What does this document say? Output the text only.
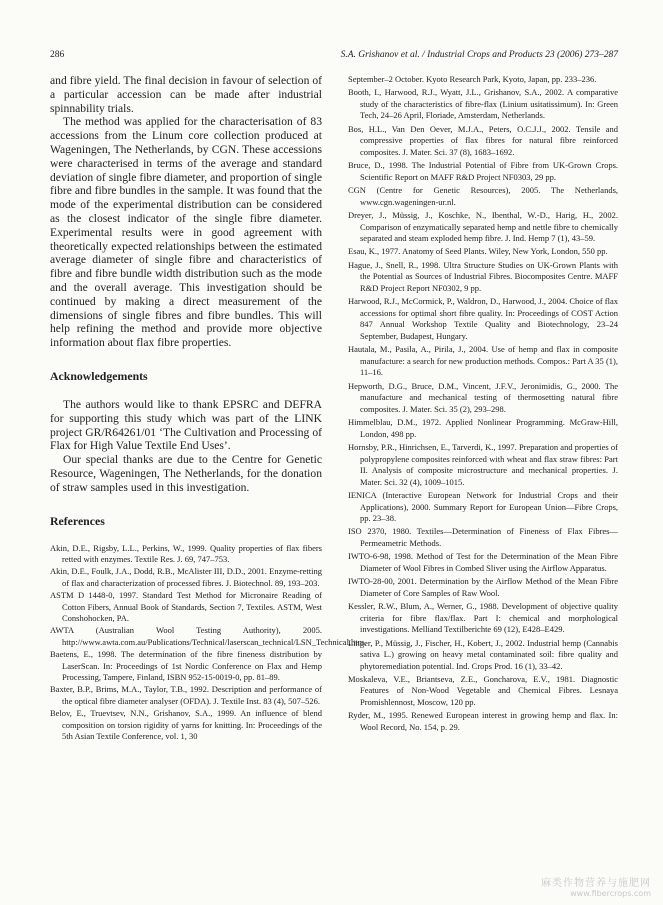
286	S.A. Grishanov et al. / Industrial Crops and Products 23 (2006) 273–287

and fibre yield. The final decision in favour of selection of a particular accession can be made after industrial spinnability trials.

The method was applied for the characterisation of 83 accessions from the Linum core collection produced at Wageningen, The Netherlands, by CGN. These accessions were characterised in terms of the average and standard deviation of single fibre diameter, and proportion of single fibre and fibre bundles in the sample. It was found that the mode of the experimental distribution can be considered as the closest indicator of the single fibre diameter. Experimental results were in good agreement with theoretically expected relationships between the estimated average diameter of single fibre and characteristics of fibre and fibre bundle width distribution such as the mode and the overall average. This investigation should be continued by making a direct measurement of the dimensions of single fibres and fibre bundles. This will help refining the method and provide more objective information about flax fibre properties.

Acknowledgements

The authors would like to thank EPSRC and DEFRA for supporting this study which was part of the LINK project GR/R64261/01 ‘The Cultivation and Processing of Flax for High Value Textile End Uses’.

Our special thanks are due to the Centre for Genetic Resource, Wageningen, The Netherlands, for the donation of straw samples used in this investigation.

References
Akin, D.E., Rigsby, L.L., Perkins, W., 1999. Quality properties of flax fibers retted with enzymes. Textile Res. J. 69, 747–753.
Akin, D.E., Foulk, J.A., Dodd, R.B., McAlister III, D.D., 2001. Enzyme-retting of flax and characterization of processed fibres. J. Biotechnol. 89, 193–203.
ASTM D 1448-0, 1997. Standard Test Method for Micronaire Reading of Cotton Fibers, Annual Book of Standards, Section 7, Textiles. ASTM, West Conshohocken, PA.
AWTA (Australian Wool Testing Authority), 2005. http://www.awta.com.au/Publications/Technical/laserscan_technical/LSN_Technical.htm.
Baetens, E., 1998. The determination of the fibre fineness distribution by LaserScan. In: Proceedings of 1st Nordic Conference on Flax and Hemp Processing, Tampere, Finland, ISBN 952-15-0019-0, pp. 81–89.
Baxter, B.P., Brims, M.A., Taylor, T.B., 1992. Description and performance of the optical fibre diameter analyser (OFDA). J. Textile Inst. 83 (4), 507–526.
Belov, E., Truevtsev, N.N., Grishanov, S.A., 1999. An influence of blend composition on torsion rigidity of yarns for knitting. In: Proceedings of the 5th Asian Textile Conference, vol. 1, 30
September–2 October. Kyoto Research Park, Kyoto, Japan, pp. 233–236.
Booth, I., Harwood, R.J., Wyatt, J.L., Grishanov, S.A., 2002. A comparative study of the characteristics of fibre-flax (Linium usitatissimum). In: Green Tech, 24–26 April, Floriade, Amsterdam, Netherlands.
Bos, H.L., Van Den Oever, M.J.A., Peters, O.C.J.J., 2002. Tensile and compressive properties of flax fibres for natural fibre reinforced composites. J. Mater. Sci. 37 (8), 1683–1692.
Bruce, D., 1998. The Industrial Potential of Fibre from UK-Grown Crops. Scientific Report on MAFF R&D Project NF0303, 29 pp.
CGN (Centre for Genetic Resources), 2005. The Netherlands, www.cgn.wageningen-ur.nl.
Dreyer, J., Müssig, J., Koschke, N., Ibenthal, W.-D., Harig, H., 2002. Comparison of enzymatically separated hemp and nettle fibre to chemically separated and steam exploded hemp fibre. J. Ind. Hemp 7 (1), 43–59.
Esau, K., 1977. Anatomy of Seed Plants. Wiley, New York, London, 550 pp.
Hague, J., Snell, R., 1998. Ultra Structure Studies on UK-Grown Plants with the Potential as Sources of Industrial Fibres. Biocomposites Centre. MAFF R&D Project Report NF0302, 9 pp.
Harwood, R.J., McCormick, P., Waldron, D., Harwood, J., 2004. Choice of flax accessions for optimal short fibre quality. In: Proceedings of COST Action 847 Annual Workshop Textile Quality and Biotechnology, 23–24 September, Budapest, Hungary.
Hautala, M., Pasila, A., Pirila, J., 2004. Use of hemp and flax in composite manufacture: a search for new production methods. Compos.: Part A 35 (1), 11–16.
Hepworth, D.G., Bruce, D.M., Vincent, J.F.V., Jeronimidis, G., 2000. The manufacture and mechanical testing of thermosetting natural fibre composites. J. Mater. Sci. 35 (2), 293–298.
Himmelblau, D.M., 1972. Applied Nonlinear Programming. McGraw-Hill, London, 498 pp.
Hornsby, P.R., Hinrichsen, E., Tarverdi, K., 1997. Preparation and properties of polypropylene composites reinforced with wheat and flax straw fibres: Part II. Analysis of composite microstructure and mechanical properties. J. Mater. Sci. 32 (4), 1009–1015.
IENICA (Interactive European Network for Industrial Crops and their Applications), 2000. Summary Report for European Union—Fibre Crops, pp. 23–38.
ISO 2370, 1980. Textiles—Determination of Fineness of Flax Fibres—Permeametric Methods.
IWTO-6-98, 1998. Method of Test for the Determination of the Mean Fibre Diameter of Wool Fibres in Combed Sliver using the Airflow Apparatus.
IWTO-28-00, 2001. Determination by the Airflow Method of the Mean Fibre Diameter of Core Samples of Raw Wool.
Kessler, R.W., Blum, A., Werner, G., 1988. Development of objective quality criteria for fibre flax/flax. Part I: chemical and morphological investigations. Melliand Textilberichte 69 (12), E428–E429.
Linger, P., Müssig, J., Fischer, H., Kobert, J., 2002. Industrial hemp (Cannabis sativa L.) growing on heavy metal contaminated soil: fibre quality and phytoremediation potential. Ind. Crops Prod. 16 (1), 33–42.
Moskaleva, V.E., Briantseva, Z.E., Goncharova, E.V., 1981. Diagnostic Features of Non-Wood Vegetable and Chemical Fibres. Lesnaya Promishlennost, Moscow, 120 pp.
Ryder, M., 1995. Renewed European interest in growing hemp and flax. In: Wool Record, No. 154, p. 29.
麻类作物营养与施肥网
www.fibercrops.com
